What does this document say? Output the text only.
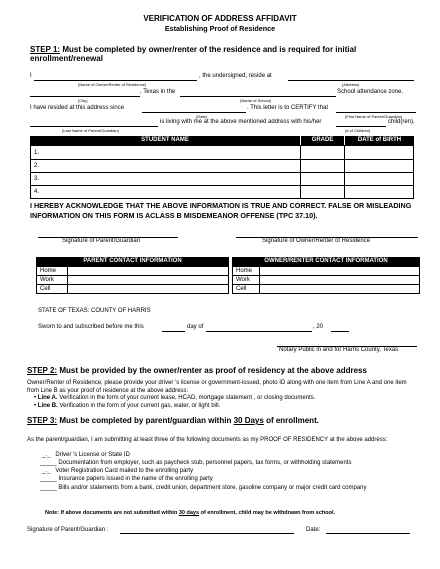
VERIFICATION OF ADDRESS AFFIDAVIT
Establishing Proof of Residence
STEP 1: Must be completed by owner/renter of the residence and is required for initial enrollment/renewal
I	, the undersigned, reside at
(Name of Owner/Renter of Residence)	(Address)
, Texas in the	School attendance zone.
(City)	(Name of School)
I have resided at this address since	. This letter is to CERTIFY that
(Date)	(First Name of Parent/Guardian)
is living with me at the above mentioned address with his/her	child(ren).
(Last Name of Parent/Guardian)	(# of Children)
STUDENT NAME	GRADE	DATE of BIRTH
1.
2.
3.
4.
I HEREBY ACKNOWLEDGE THAT THE ABOVE INFORMATION IS TRUE AND CORRECT. FALSE OR MISLEADING INFORMATION ON THIS FORM IS ACLASS B MISDEMEANOR OFFENSE (TPC 37.10).
Signature of Parent/Guardian	Signature of Owner/Renter of Residence
PARENT CONTACT INFORMATION	OWNER/RENTER CONTACT INFORMATION
Home
Work
Cell
Home
Work
Cell
STATE OF TEXAS: COUNTY OF HARRIS
Sworn to and subscribed before me this	day of	, 20
Notary Public in and for Harris County, Texas
STEP 2: Must be provided by the owner/renter as proof of residency at the above address
Owner/Renter of Residence, please provide your driver 's license or government-issued, photo ID along with one item from Line A and one item from Line B as your proof of residence at the above address:
• Line A. Verification in the form of your current lease, HCAD, mortgage statement , or closing documents.
• Line B. Verification in the form of your current gas, water, or light bill.
STEP 3: Must be completed by parent/guardian within 30 Days of enrollment.
As the parent/guardian, I am submitting at least three of the following documents as my PROOF OF RESIDENCY at the above address:
_._ Driver 's License or State ID
_____ Documentation from employer, such as paycheck stub, personnel papers, tax forms, or withholding statements
_._ Voter Registration Card mailed to the enrolling party
_____ Insurance papers issued in the name of the enrolling party
_____ Bills and/or statements from a bank, credit union, department store, gasoline company or major credit card company
Note: If above documents are not submitted within 30 days of enrollment, child may be withdrawn from school.
Signature of Parent/Guardian :	Date:
